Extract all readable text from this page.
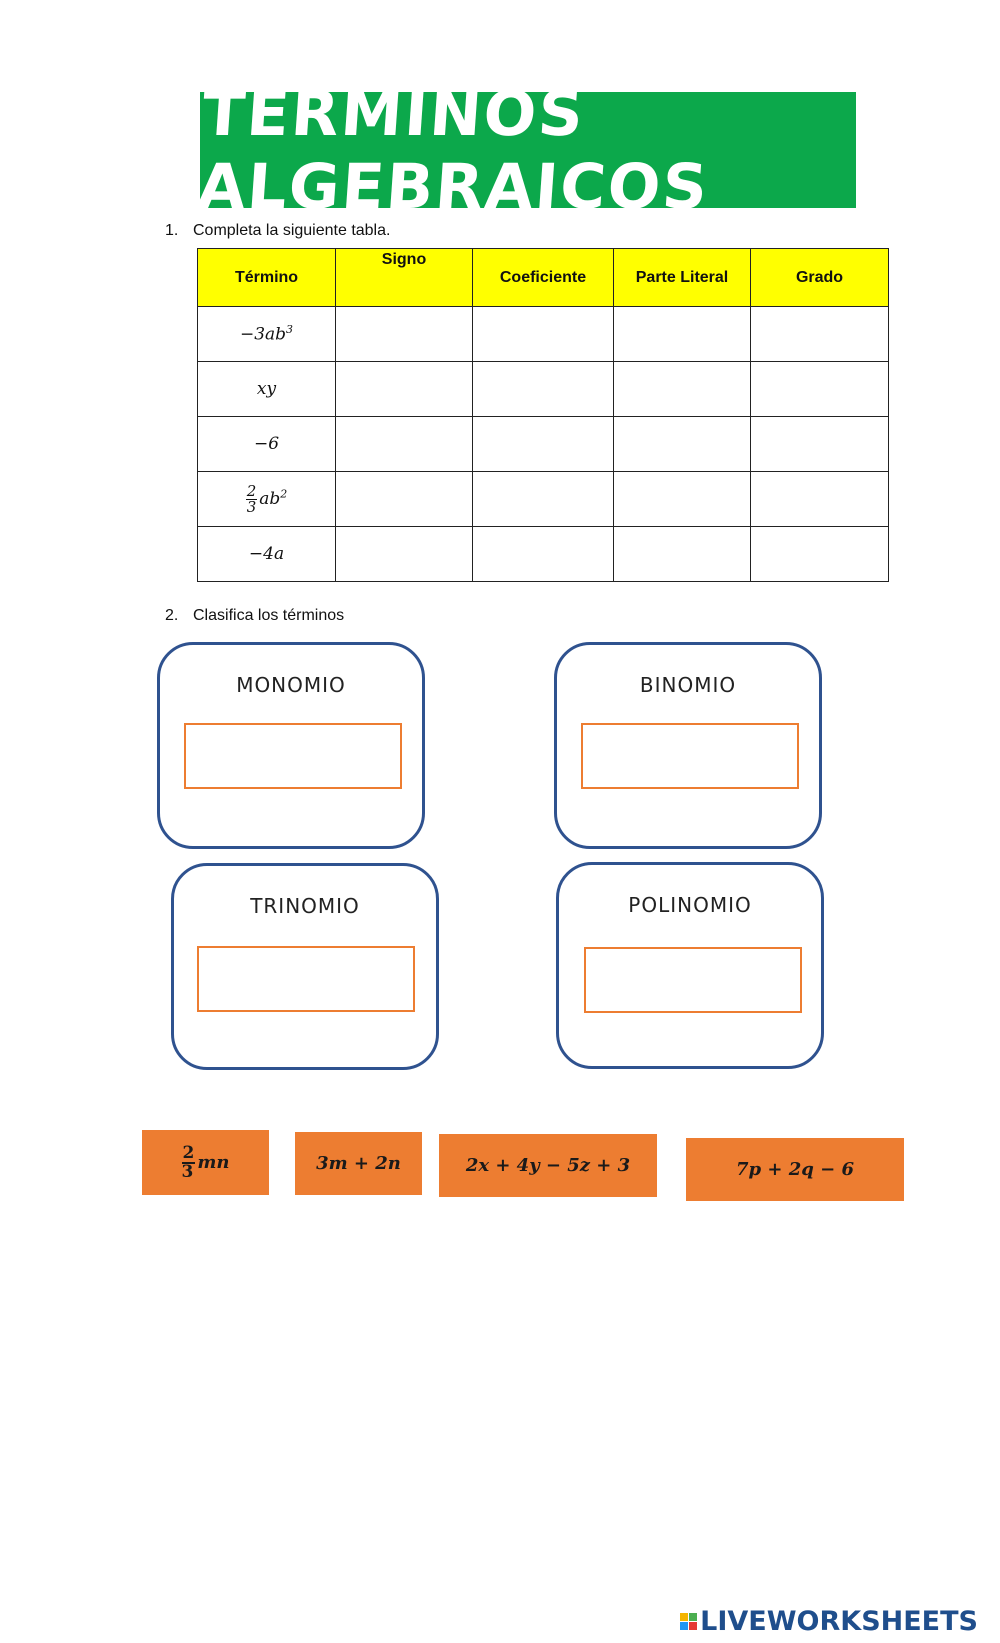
TÉRMINOS ALGEBRAICOS
1. Completa la siguiente tabla.
Término	Signo	Coeficiente	Parte Literal	Grado
$-3ab^3$				
xy				
−6				

$\frac{2}{3} ab^2$				
−4a				
2. Clasifica los términos
MONOMIO	BINOMIO
TRINOMIO	POLINOMIO
$\frac{2}{3}$ mn	3m + 2n	2x + 4y − 5z + 3	7p + 2q − 6
LIVEWORKSHEETS
